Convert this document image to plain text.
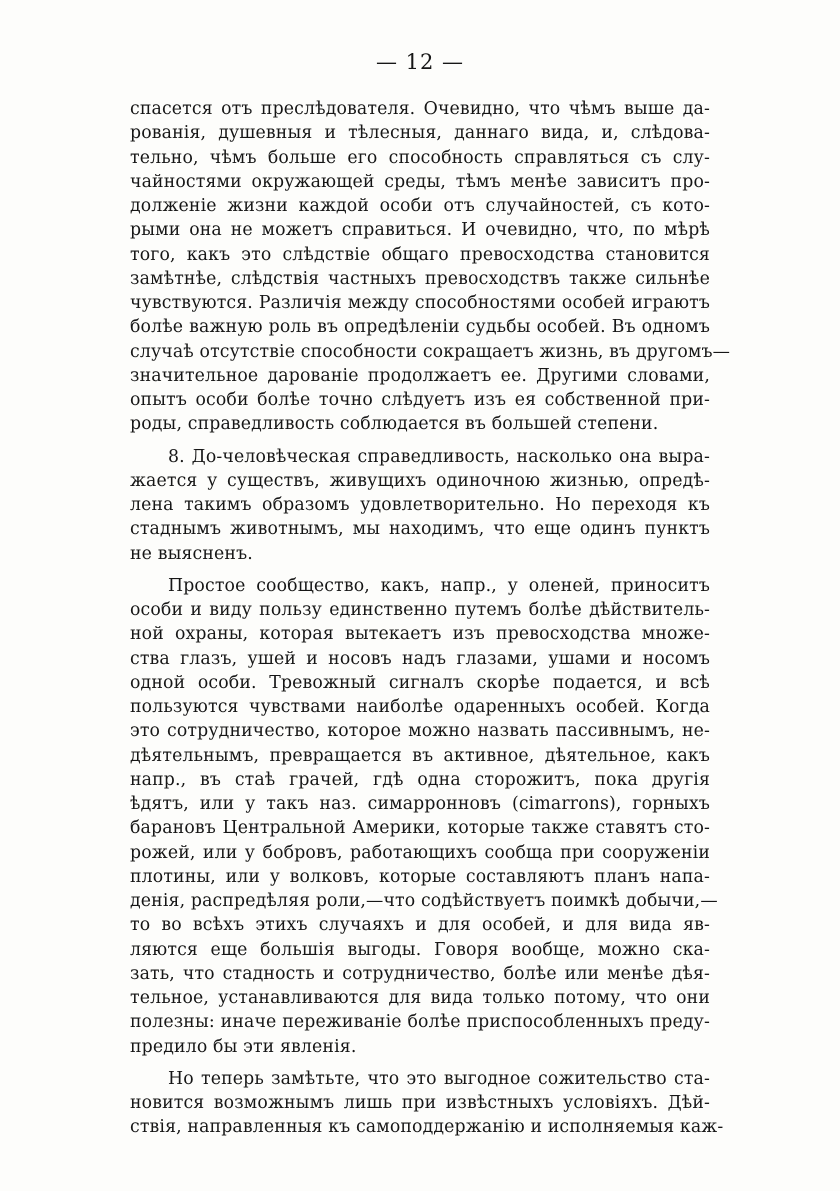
— 12 —
спасется отъ преслѣдователя. Очевидно, что чѣмъ выше да-
рованія, душевныя и тѣлесныя, даннаго вида, и, слѣдова-
тельно, чѣмъ больше его способность справляться съ слу-
чайностями окружающей среды, тѣмъ менѣе зависитъ про-
долженіе жизни каждой особи отъ случайностей, съ кото-
рыми она не можетъ справиться. И очевидно, что, по мѣрѣ
того, какъ это слѣдствіе общаго превосходства становится
замѣтнѣе, слѣдствія частныхъ превосходствъ также сильнѣе
чувствуются. Различія между способностями особей играютъ
болѣе важную роль въ опредѣленіи судьбы особей. Въ одномъ
случаѣ отсутствіе способности сокращаетъ жизнь, въ другомъ—
значительное дарованіе продолжаетъ ее. Другими словами,
опытъ особи болѣе точно слѣдуетъ изъ ея собственной при-
роды, справедливость соблюдается въ большей степени.
8. До-человѣческая справедливость, насколько она выра-
жается у существъ, живущихъ одиночною жизнью, опредѣ-
лена такимъ образомъ удовлетворительно. Но переходя къ
стаднымъ животнымъ, мы находимъ, что еще одинъ пунктъ
не выясненъ.
Простое сообщество, какъ, напр., у оленей, приноситъ
особи и виду пользу единственно путемъ болѣе дѣйствитель-
ной охраны, которая вытекаетъ изъ превосходства множе-
ства глазъ, ушей и носовъ надъ глазами, ушами и носомъ
одной особи. Тревожный сигналъ скорѣе подается, и всѣ
пользуются чувствами наиболѣе одаренныхъ особей. Когда
это сотрудничество, которое можно назвать пассивнымъ, не-
дѣятельнымъ, превращается въ активное, дѣятельное, какъ
напр., въ стаѣ грачей, гдѣ одна сторожитъ, пока другія
ѣдятъ, или у такъ наз. симарронновъ (cimarrons), горныхъ
барановъ Центральной Америки, которые также ставятъ сто-
рожей, или у бобровъ, работающихъ сообща при сооруженіи
плотины, или у волковъ, которые составляютъ планъ напа-
денія, распредѣляя роли,—что содѣйствуетъ поимкѣ добычи,—
то во всѣхъ этихъ случаяхъ и для особей, и для вида яв-
ляются еще большія выгоды. Говоря вообще, можно ска-
зать, что стадность и сотрудничество, болѣе или менѣе дѣя-
тельное, устанавливаются для вида только потому, что они
полезны: иначе переживаніе болѣе приспособленныхъ преду-
предило бы эти явленія.
Но теперь замѣтьте, что это выгодное сожительство ста-
новится возможнымъ лишь при извѣстныхъ условіяхъ. Дѣй-
ствія, направленныя къ самоподдержанію и исполняемыя каж-
